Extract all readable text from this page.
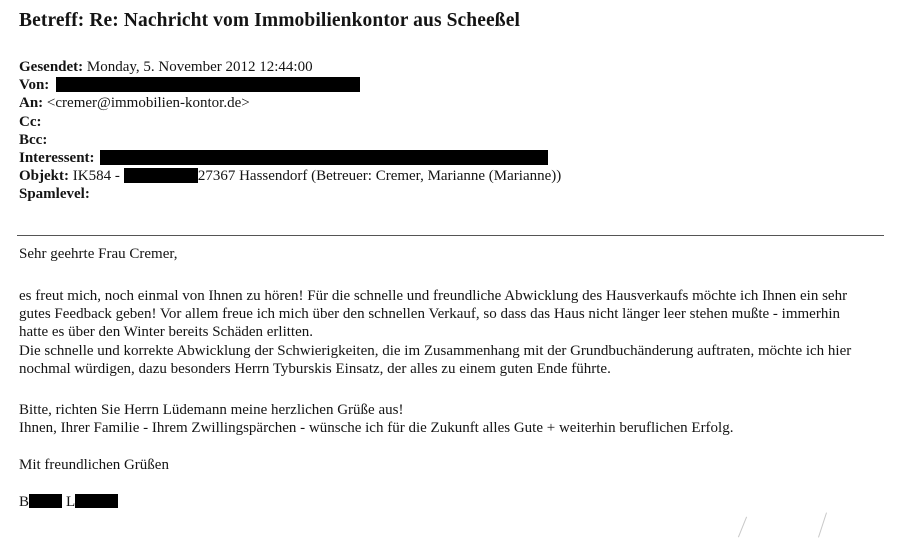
Betreff: Re: Nachricht vom Immobilienkontor aus Scheeßel
Gesendet: Monday, 5. November 2012 12:44:00
Von:
An: <cremer@immobilien-kontor.de>
Cc:
Bcc:
Interessent:
Objekt: IK584 -	27367 Hassendorf (Betreuer: Cremer, Marianne (Marianne))
Spamlevel:
Sehr geehrte Frau Cremer,
es freut mich, noch einmal von Ihnen zu hören! Für die schnelle und freundliche Abwicklung des Hausverkaufs möchte ich Ihnen ein sehr
gutes Feedback geben! Vor allem freue ich mich über den schnellen Verkauf, so dass das Haus nicht länger leer stehen mußte - immerhin
hatte es über den Winter bereits Schäden erlitten.
Die schnelle und korrekte Abwicklung der Schwierigkeiten, die im Zusammenhang mit der Grundbuchänderung auftraten, möchte ich hier
nochmal würdigen, dazu besonders Herrn Tyburskis Einsatz, der alles zu einem guten Ende führte.
Bitte, richten Sie Herrn Lüdemann meine herzlichen Grüße aus!
Ihnen, Ihrer Familie - Ihrem Zwillingspärchen - wünsche ich für die Zukunft alles Gute + weiterhin beruflichen Erfolg.
Mit freundlichen Grüßen
B L
